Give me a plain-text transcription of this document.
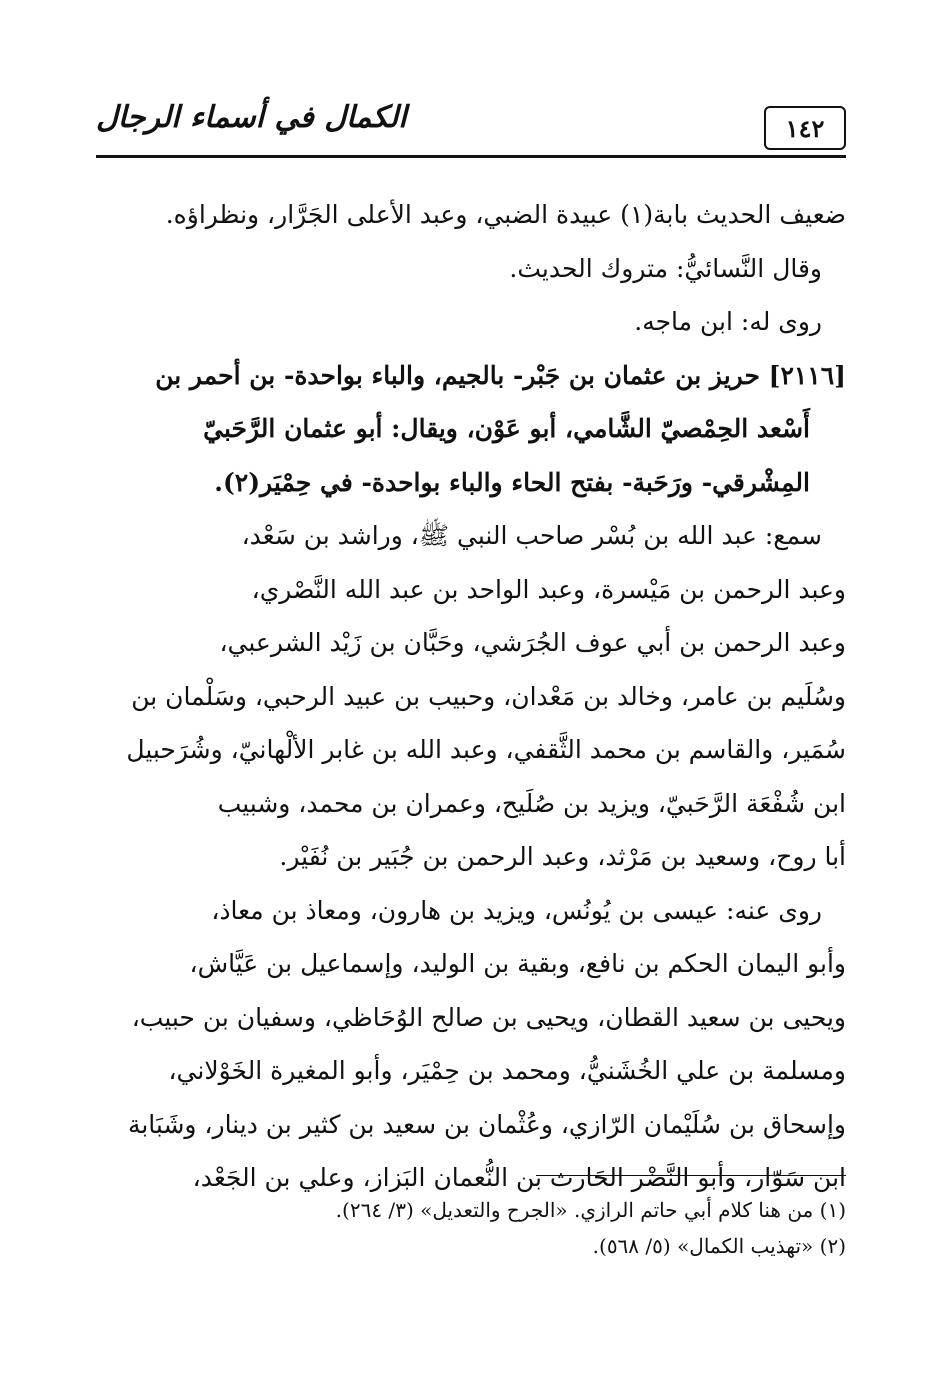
١٤٢
الكمال في أسماء الرجال

ضعيف الحديث بابة(١) عبيدة الضبي، وعبد الأعلى الجَرَّار، ونظراؤه.

وقال النَّسائيُّ: متروك الحديث.

روى له: ابن ماجه.

[٢١١٦] حريز بن عثمان بن جَبْر- بالجيم، والباء بواحدة- بن أحمر بن

أَسْعد الحِمْصيّ الشَّامي، أبو عَوْن، ويقال: أبو عثمان الرَّحَبيّ

المِشْرقي- ورَحَبة- بفتح الحاء والباء بواحدة- في حِمْيَر(٢).

سمع: عبد الله بن بُسْر صاحب النبي ﷺ، وراشد بن سَعْد،

وعبد الرحمن بن مَيْسرة، وعبد الواحد بن عبد الله النَّصْري،

وعبد الرحمن بن أبي عوف الجُرَشي، وحَبَّان بن زَيْد الشرعبي،

وسُلَيم بن عامر، وخالد بن مَعْدان، وحبيب بن عبيد الرحبي، وسَلْمان بن

سُمَير، والقاسم بن محمد الثَّقفي، وعبد الله بن غابر الألْهانيّ، وشُرَحبيل

ابن شُفْعَة الرَّحَبيّ، ويزيد بن صُلَيح، وعمران بن محمد، وشبيب

أبا روح، وسعيد بن مَرْثد، وعبد الرحمن بن جُبَير بن نُفَيْر.

روى عنه: عيسى بن يُونُس، ويزيد بن هارون، ومعاذ بن معاذ،

وأبو اليمان الحكم بن نافع، وبقية بن الوليد، وإسماعيل بن عَيَّاش،

ويحيى بن سعيد القطان، ويحيى بن صالح الوُحَاظي، وسفيان بن حبيب،

ومسلمة بن علي الخُشَنيُّ، ومحمد بن حِمْيَر، وأبو المغيرة الخَوْلاني،

وإسحاق بن سُلَيْمان الرّازي، وعُثْمان بن سعيد بن كثير بن دينار، وشَبَابة

ابن سَوّار، وأبو النَّضْر الحَارث بن النُّعمان البَزاز، وعلي بن الجَعْد،

(١) من هنا كلام أبي حاتم الرازي. «الجرح والتعديل» (٣/ ٢٦٤).

(٢) «تهذيب الكمال» (٥/ ٥٦٨).
